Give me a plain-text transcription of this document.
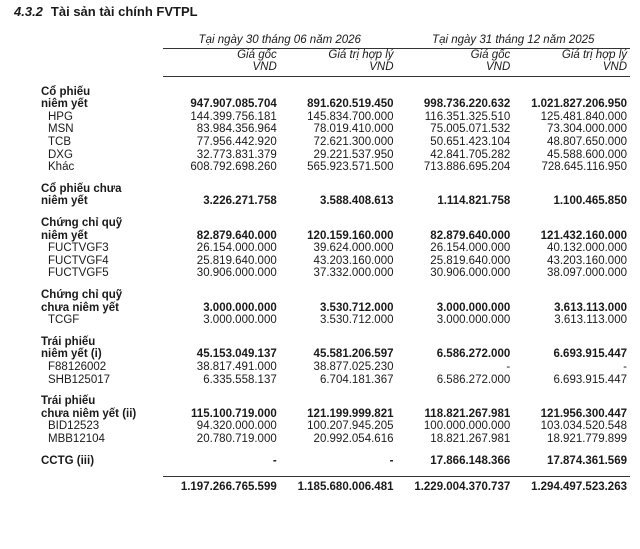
4.3.2 Tài sản tài chính FVTPL
	Tại ngày 30 tháng 06 năm 2026		Tại ngày 31 tháng 12 năm 2025	
	Giá gốc	Giá trị hợp lý	Giá gốc	Giá trị hợp lý
	VND	VND	VND	VND

Cổ phiếu				
niêm yết	947.907.085.704	891.620.519.450	998.736.220.632	1.021.827.206.950
HPG	144.399.756.181	145.834.700.000	116.351.325.510	125.481.840.000
MSN	83.984.356.964	78.019.410.000	75.005.071.532	73.304.000.000
TCB	77.956.442.920	72.621.300.000	50.651.423.104	48.807.650.000
DXG	32.773.831.379	29.221.537.950	42.841.705.282	45.588.600.000
Khác	608.792.698.260	565.923.571.500	713.886.695.204	728.645.116.950

Cổ phiếu chưa				
niêm yết	3.226.271.758	3.588.408.613	1.114.821.758	1.100.465.850

Chứng chỉ quỹ				
niêm yết	82.879.640.000	120.159.160.000	82.879.640.000	121.432.160.000
FUCTVGF3	26.154.000.000	39.624.000.000	26.154.000.000	40.132.000.000
FUCTVGF4	25.819.640.000	43.203.160.000	25.819.640.000	43.203.160.000
FUCTVGF5	30.906.000.000	37.332.000.000	30.906.000.000	38.097.000.000

Chứng chỉ quỹ				
chưa niêm yết	3.000.000.000	3.530.712.000	3.000.000.000	3.613.113.000
TCGF	3.000.000.000	3.530.712.000	3.000.000.000	3.613.113.000

Trái phiếu				
niêm yết (i)	45.153.049.137	45.581.206.597	6.586.272.000	6.693.915.447
F88126002	38.817.491.000	38.877.025.230	-	-
SHB125017	6.335.558.137	6.704.181.367	6.586.272.000	6.693.915.447

Trái phiếu				
chưa niêm yết (ii)	115.100.719.000	121.199.999.821	118.821.267.981	121.956.300.447
BID12523	94.320.000.000	100.207.945.205	100.000.000.000	103.034.520.548
MBB12104	20.780.719.000	20.992.054.616	18.821.267.981	18.921.779.899

CCTG (iii)	-	-	17.866.148.366	17.874.361.569

	1.197.266.765.599	1.185.680.006.481	1.229.004.370.737	1.294.497.523.263
